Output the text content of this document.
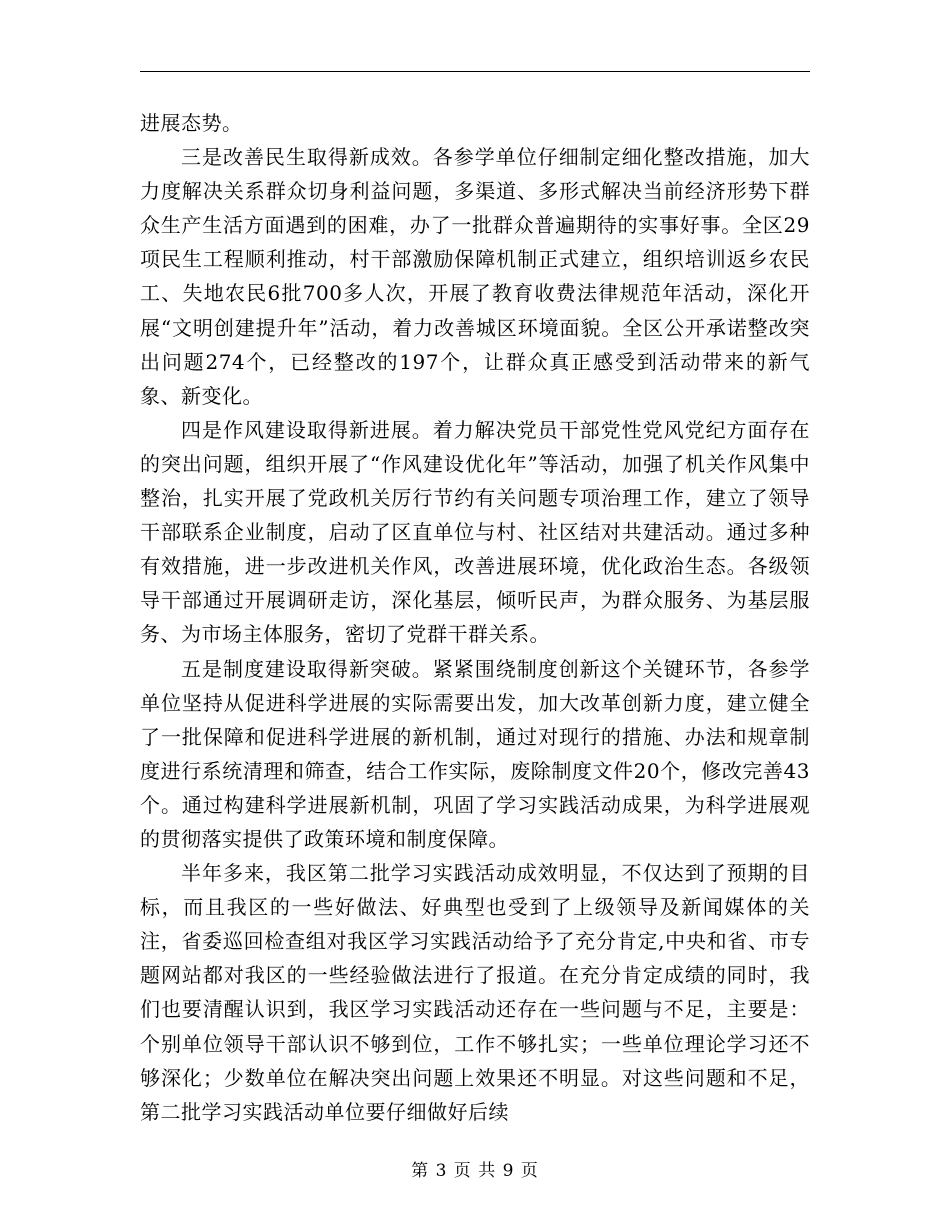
进展态势。

三是改善民生取得新成效。各参学单位仔细制定细化整改措施，加大力度解决关系群众切身利益问题，多渠道、多形式解决当前经济形势下群众生产生活方面遇到的困难，办了一批群众普遍期待的实事好事。全区29项民生工程顺利推动，村干部激励保障机制正式建立，组织培训返乡农民工、失地农民6批700多人次，开展了教育收费法律规范年活动，深化开展“文明创建提升年”活动，着力改善城区环境面貌。全区公开承诺整改突出问题274个，已经整改的197个，让群众真正感受到活动带来的新气象、新变化。

四是作风建设取得新进展。着力解决党员干部党性党风党纪方面存在的突出问题，组织开展了“作风建设优化年”等活动，加强了机关作风集中整治，扎实开展了党政机关厉行节约有关问题专项治理工作，建立了领导干部联系企业制度，启动了区直单位与村、社区结对共建活动。通过多种有效措施，进一步改进机关作风，改善进展环境，优化政治生态。各级领导干部通过开展调研走访，深化基层，倾听民声，为群众服务、为基层服务、为市场主体服务，密切了党群干群关系。

五是制度建设取得新突破。紧紧围绕制度创新这个关键环节，各参学单位坚持从促进科学进展的实际需要出发，加大改革创新力度，建立健全了一批保障和促进科学进展的新机制，通过对现行的措施、办法和规章制度进行系统清理和筛查，结合工作实际，废除制度文件20个，修改完善43个。通过构建科学进展新机制，巩固了学习实践活动成果，为科学进展观的贯彻落实提供了政策环境和制度保障。

半年多来，我区第二批学习实践活动成效明显，不仅达到了预期的目标，而且我区的一些好做法、好典型也受到了上级领导及新闻媒体的关注，省委巡回检查组对我区学习实践活动给予了充分肯定,中央和省、市专题网站都对我区的一些经验做法进行了报道。在充分肯定成绩的同时，我们也要清醒认识到，我区学习实践活动还存在一些问题与不足，主要是：个别单位领导干部认识不够到位，工作不够扎实；一些单位理论学习还不够深化；少数单位在解决突出问题上效果还不明显。对这些问题和不足，第二批学习实践活动单位要仔细做好后续

第 3 页 共 9 页
